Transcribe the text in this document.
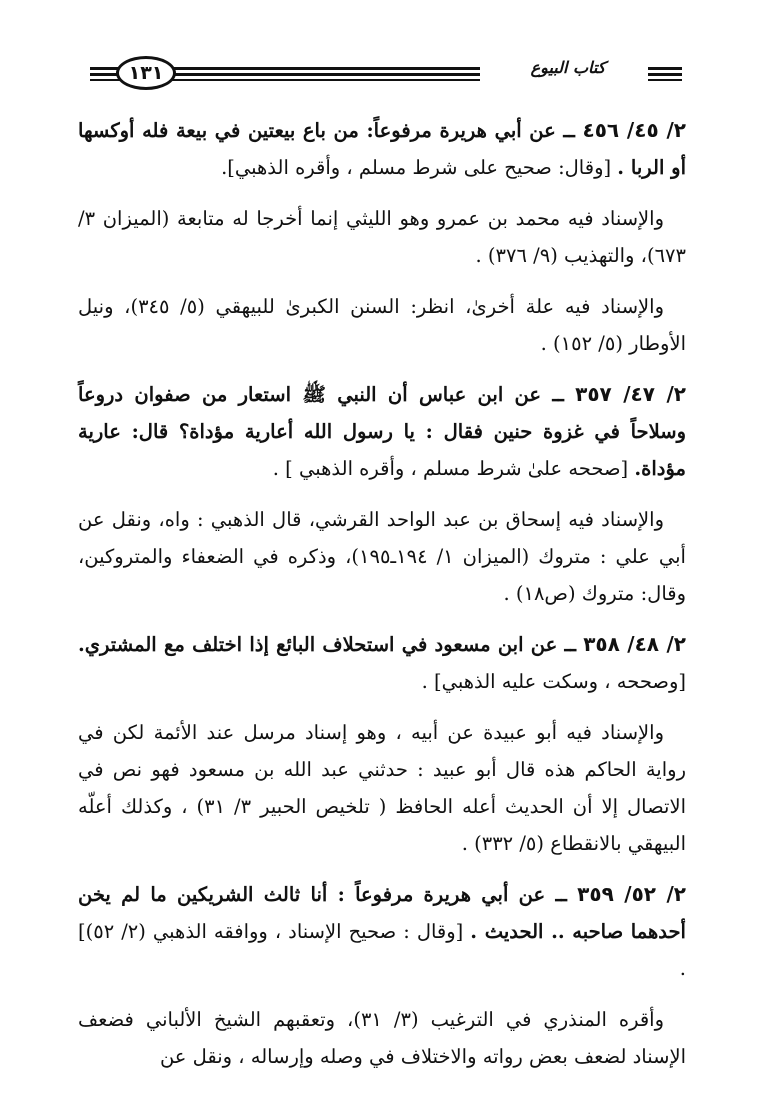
١٣١	كتاب البيوع

٢/ ٤٥/ ٤٥٦ ــ عن أبي هريرة مرفوعاً: من باع بيعتين في بيعة فله أوكسها أو الربا . [وقال: صحيح على شرط مسلم ، وأقره الذهبي].

والإسناد فيه محمد بن عمرو وهو الليثي إنما أخرجا له متابعة (الميزان ٣/ ٦٧٣)، والتهذيب (٩/ ٣٧٦) .

والإسناد فيه علة أخرىٰ، انظر: السنن الكبرىٰ للبيهقي (٥/ ٣٤٥)، ونيل الأوطار (٥/ ١٥٢) .

٢/ ٤٧/ ٣٥٧ ــ عن ابن عباس أن النبي ﷺ استعار من صفوان دروعاً وسلاحاً في غزوة حنين فقال : يا رسول الله أعارية مؤداة؟ قال: عارية مؤداة. [صححه علىٰ شرط مسلم ، وأقره الذهبي ] .

والإسناد فيه إسحاق بن عبد الواحد القرشي، قال الذهبي : واه، ونقل عن أبي علي : متروك (الميزان ١/ ١٩٤ـ١٩٥)، وذكره في الضعفاء والمتروكين، وقال: متروك (ص١٨) .

٢/ ٤٨/ ٣٥٨ ــ عن ابن مسعود في استحلاف البائع إذا اختلف مع المشتري. [وصححه ، وسكت عليه الذهبي] .

والإسناد فيه أبو عبيدة عن أبيه ، وهو إسناد مرسل عند الأئمة لكن في رواية الحاكم هذه قال أبو عبيد : حدثني عبد الله بن مسعود فهو نص في الاتصال إلا أن الحديث أعله الحافظ ( تلخيص الحبير ٣/ ٣١) ، وكذلك أعلّه البيهقي بالانقطاع (٥/ ٣٣٢) .

٢/ ٥٢/ ٣٥٩ ــ عن أبي هريرة مرفوعاً : أنا ثالث الشريكين ما لم يخن أحدهما صاحبه .. الحديث . [وقال : صحيح الإسناد ، ووافقه الذهبي (٢/ ٥٢)] .

وأقره المنذري في الترغيب (٣/ ٣١)، وتعقبهم الشيخ الألباني فضعف الإسناد لضعف بعض رواته والاختلاف في وصله وإرساله ، ونقل عن
